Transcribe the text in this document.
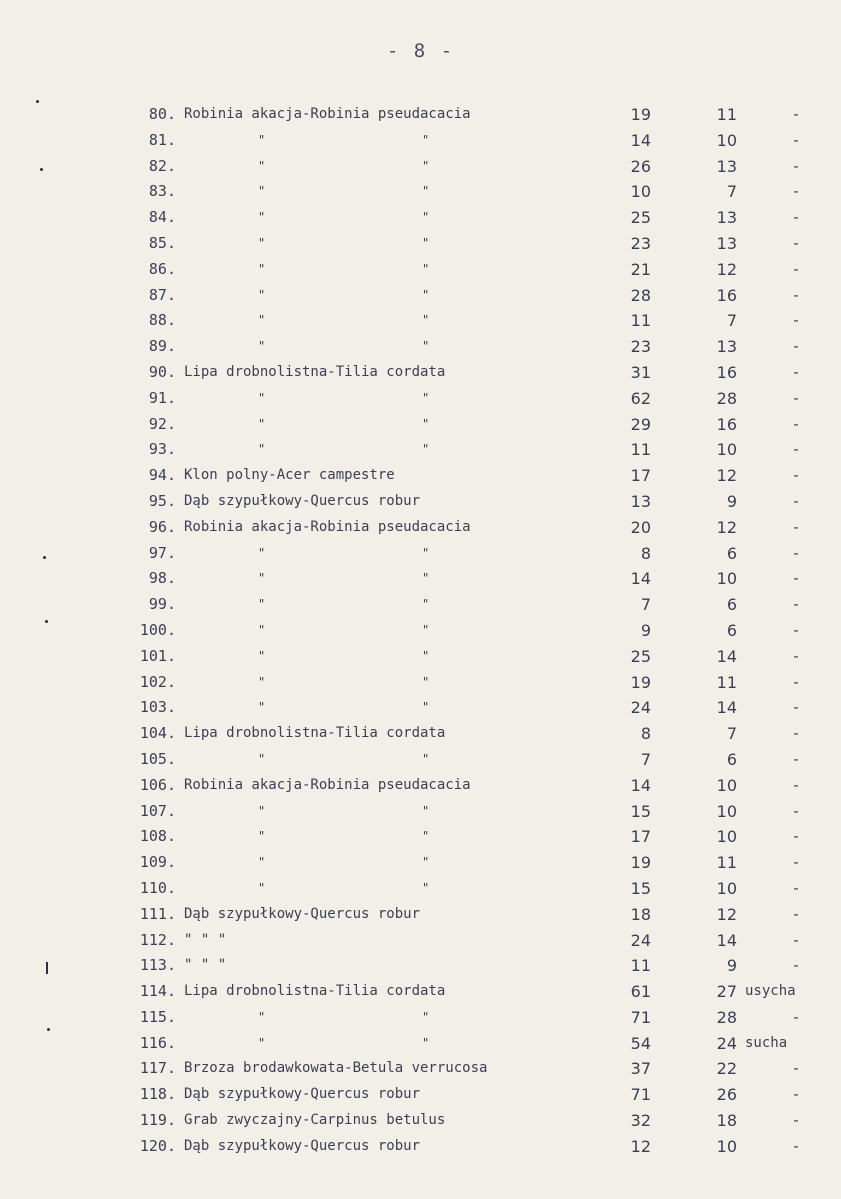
- 8 -
80. Robinia akacja-Robinia pseudacacia	19	11	-
81.	"	"	14	10	-
82.	"	"	26	13	-
83.	"	"	10	7	-
84.	"	"	25	13	-
85.	"	"	23	13	-
86.	"	"	21	12	-
87.	"	"	28	16	-
88.	"	"	11	7	-
89.	"	"	23	13	-
90. Lipa drobnolistna-Tilia cordata	31	16	-
91.	"	"	62	28	-
92.	"	"	29	16	-
93.	"	"	11	10	-
94. Klon polny-Acer campestre	17	12	-
95. Dąb szypułkowy-Quercus robur	13	9	-
96. Robinia akacja-Robinia pseudacacia	20	12	-
97.	"	"	8	6	-
98.	"	"	14	10	-
99.	"	"	7	6	-
100.	"	"	9	6	-
101.	"	"	25	14	-
102.	"	"	19	11	-
103.	"	"	24	14	-
104. Lipa drobnolistna-Tilia cordata	8	7	-
105.	"	"	7	6	-
106. Robinia akacja-Robinia pseudacacia	14	10	-
107.	"	"	15	10	-
108.	"	"	17	10	-
109.	"	"	19	11	-
110.	"	"	15	10	-
111. Dąb szypułkowy-Quercus robur	18	12	-
112. " " "	24	14	-
113. " " "	11	9	-
114. Lipa drobnolistna-Tilia cordata	61	27 usycha
115.	"	"	71	28	-
116.	"	"	54	24 sucha
117. Brzoza brodawkowata-Betula verrucosa	37	22	-
118. Dąb szypułkowy-Quercus robur	71	26	-
119. Grab zwyczajny-Carpinus betulus	32	18	-
120. Dąb szypułkowy-Quercus robur	12	10	-
